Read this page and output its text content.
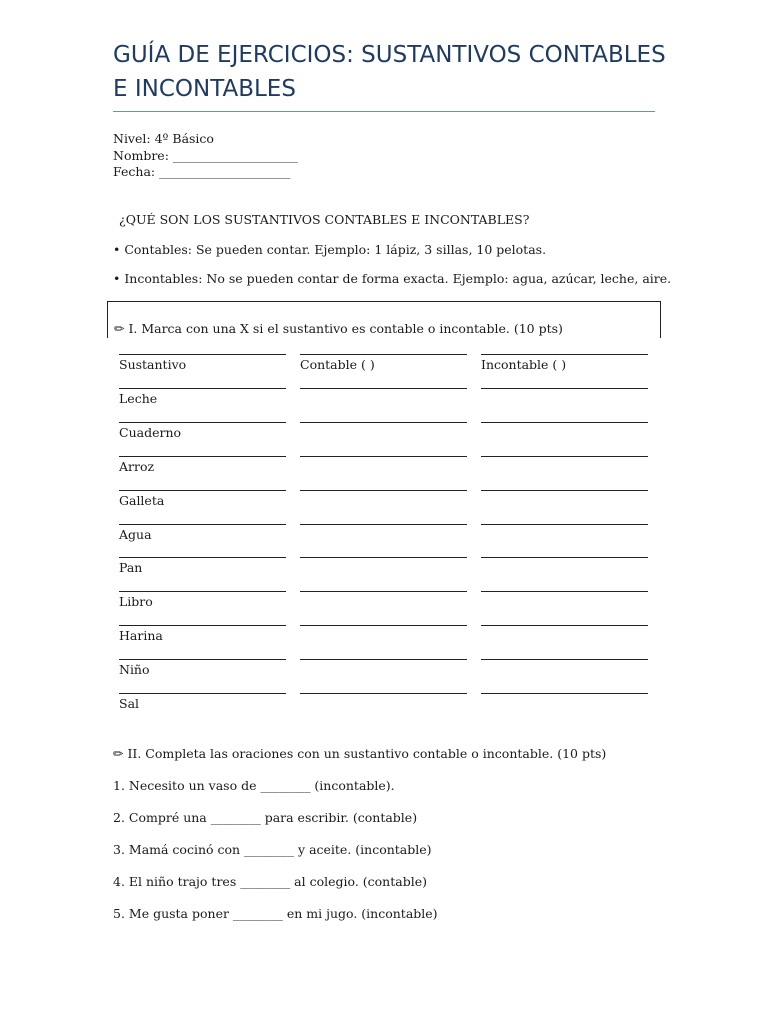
GUÍA DE EJERCICIOS: SUSTANTIVOS CONTABLES E INCONTABLES
Nivel: 4º Básico
Nombre: ____________________
Fecha: _____________________
¿QUÉ SON LOS SUSTANTIVOS CONTABLES E INCONTABLES?
• Contables: Se pueden contar. Ejemplo: 1 lápiz, 3 sillas, 10 pelotas.
• Incontables: No se pueden contar de forma exacta. Ejemplo: agua, azúcar, leche, aire.
✏ I. Marca con una X si el sustantivo es contable o incontable. (10 pts)
Sustantivo	Contable ( )	Incontable ( )
Leche
Cuaderno
Arroz
Galleta
Agua
Pan
Libro
Harina
Niño
Sal
✏ II. Completa las oraciones con un sustantivo contable o incontable. (10 pts)
1. Necesito un vaso de ________ (incontable).
2. Compré una ________ para escribir. (contable)
3. Mamá cocinó con ________ y aceite. (incontable)
4. El niño trajo tres ________ al colegio. (contable)
5. Me gusta poner ________ en mi jugo. (incontable)
